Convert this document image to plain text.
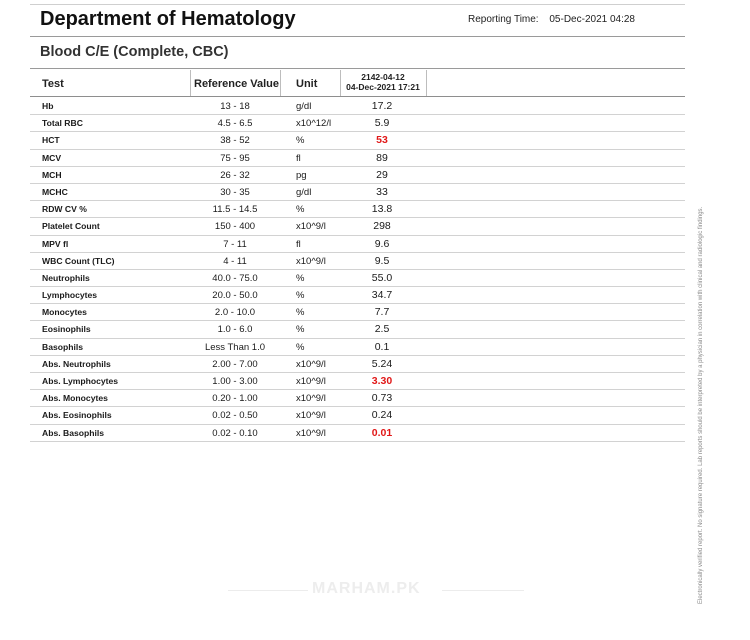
Department of Hematology	Reporting Time: 05-Dec-2021 04:28
Blood C/E (Complete, CBC)
Test	Reference Value Unit
2142-04-12
04-Dec-2021 17:21
Hb	13 - 18	g/dl	17.2
Total RBC	4.5 - 6.5	x10^12/l	5.9
HCT	38 - 52	%	53
MCV	75 - 95	fl	89
MCH	26 - 32	pg	29
MCHC	30 - 35	g/dl	33
RDW CV %	11.5 - 14.5	%	13.8
Platelet Count	150 - 400	x10^9/l	298
MPV fl	7 - 11	fl	9.6
WBC Count (TLC)	4 - 11	x10^9/l	9.5
Neutrophils	40.0 - 75.0	%	55.0
Lymphocytes	20.0 - 50.0	%	34.7
Monocytes	2.0 - 10.0	%	7.7
Eosinophils	1.0 - 6.0	%	2.5
Basophils	Less Than 1.0	%	0.1
Abs. Neutrophils	2.00 - 7.00	x10^9/l	5.24
Abs. Lymphocytes	1.00 - 3.00	x10^9/l	3.30
Abs. Monocytes	0.20 - 1.00	x10^9/l	0.73
Abs. Eosinophils	0.02 - 0.50	x10^9/l	0.24
Abs. Basophils	0.02 - 0.10	x10^9/l	0.01	Electronically verified report. No signature required. Lab reports should be interpreted by a physician in correlation with clinical and radiologic findings.
MARHAM.PK
